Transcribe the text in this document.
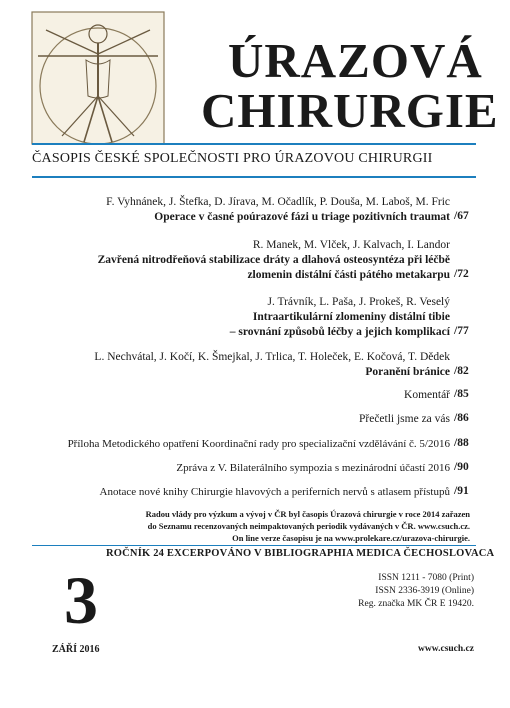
ÚRAZOVÁ
CHIRURGIE
ČASOPIS ČESKÉ SPOLEČNOSTI PRO ÚRAZOVOU CHIRURGII
F. Vyhnánek, J. Štefka, D. Jírava, M. Očadlík, P. Douša, M. Laboš, M. Fric
Operace v časné poúrazové fázi u triage pozitivních traumat /67
R. Manek, M. Vlček, J. Kalvach, I. Landor
Zavřená nitrodřeňová stabilizace dráty a dlahová osteosyntéza při léčbě
zlomenin distální části pátého metakarpu /72
J. Trávník, L. Paša, J. Prokeš, R. Veselý
Intraartikulární zlomeniny distální tibie
– srovnání způsobů léčby a jejich komplikací /77
L. Nechvátal, J. Kočí, K. Šmejkal, J. Trlica, T. Holeček, E. Kočová, T. Dědek
Poranění bránice /82
Komentář /85
Přečetli jsme za vás /86
Příloha Metodického opatření Koordinační rady pro specializační vzdělávání č. 5/2016 /88
Zpráva z V. Bilaterálního sympozia s mezinárodní účastí 2016 /90
Anotace nové knihy Chirurgie hlavových a periferních nervů s atlasem přístupů /91
Radou vlády pro výzkum a vývoj v ČR byl časopis Úrazová chirurgie v roce 2014 zařazen
do Seznamu recenzovaných neimpaktovaných periodik vydávaných v ČR. www.csuch.cz.
On line verze časopisu je na www.prolekare.cz/urazova-chirurgie.
ROČNÍK 24 EXCERPOVÁNO V BIBLIOGRAPHIA MEDICA ČECHOSLOVACA
3
ZÁŘÍ 2016
ISSN 1211 - 7080 (Print)
ISSN 2336-3919 (Online)
Reg. značka MK ČR E 19420.
www.csuch.cz
